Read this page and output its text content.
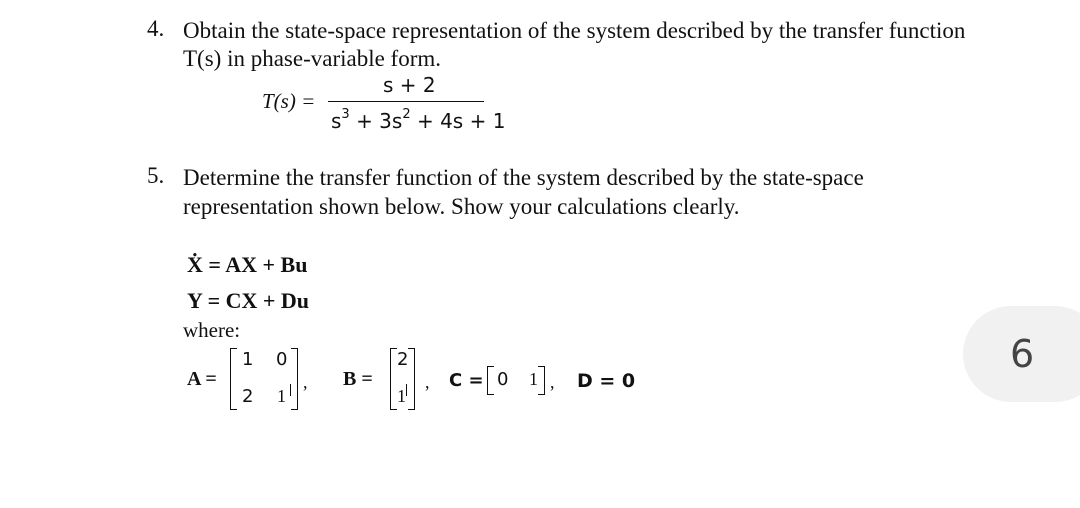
4. Obtain the state-space representation of the system described by the transfer function
T(s) in phase-variable form.
T(s) =
s + 2
$s^3 + 3s^2 + 4s + 1$
5. Determine the transfer function of the system described by the state-space
representation shown below. Show your calculations clearly.
Ẋ = AX + Bu
Y = CX + Du
where:
A =
1 0
2 1
, B =
2
1
, C = 0 1 , D = 0
6
